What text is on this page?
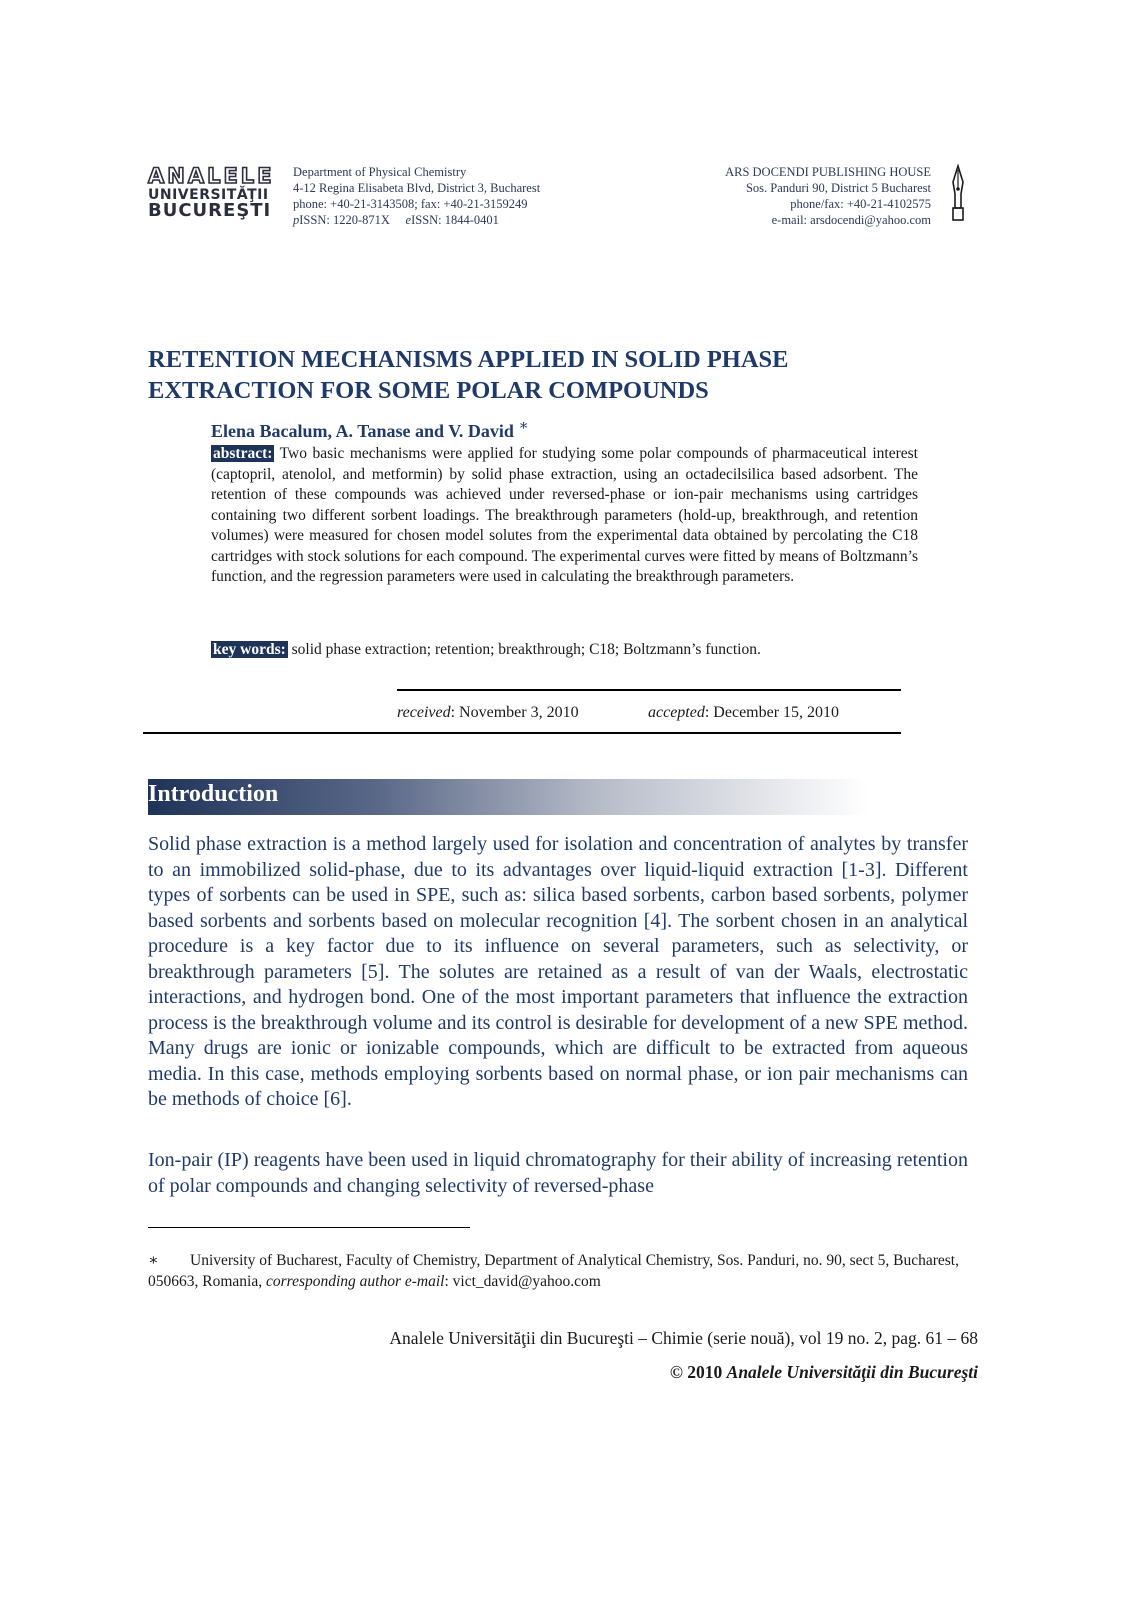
ANALELE
UNIVERSITĂŢII
BUCUREŞTI
Department of Physical Chemistry
4-12 Regina Elisabeta Blvd, District 3, Bucharest
phone: +40-21-3143508; fax: +40-21-3159249
pISSN: 1220-871X eISSN: 1844-0401
ARS DOCENDI PUBLISHING HOUSE
Sos. Panduri 90, District 5 Bucharest
phone/fax: +40-21-4102575
e-mail: arsdocendi@yahoo.com
RETENTION MECHANISMS APPLIED IN SOLID PHASE
EXTRACTION FOR SOME POLAR COMPOUNDS
Elena Bacalum, A. Tanase and V. David ∗
abstract: Two basic mechanisms were applied for studying some polar compounds of pharmaceutical interest (captopril, atenolol, and metformin) by solid phase extraction, using an octadecilsilica based adsorbent. The retention of these compounds was achieved under reversed-phase or ion-pair mechanisms using cartridges containing two different sorbent loadings. The breakthrough parameters (hold-up, breakthrough, and retention volumes) were measured for chosen model solutes from the experimental data obtained by percolating the C18 cartridges with stock solutions for each compound. The experimental curves were fitted by means of Boltzmann’s function, and the regression parameters were used in calculating the breakthrough parameters.
key words: solid phase extraction; retention; breakthrough; C18; Boltzmann’s function.
received: November 3, 2010	accepted: December 15, 2010
Introduction
Solid phase extraction is a method largely used for isolation and concentration of analytes by transfer to an immobilized solid-phase, due to its advantages over liquid-liquid extraction [1-3]. Different types of sorbents can be used in SPE, such as: silica based sorbents, carbon based sorbents, polymer based sorbents and sorbents based on molecular recognition [4]. The sorbent chosen in an analytical procedure is a key factor due to its influence on several parameters, such as selectivity, or breakthrough parameters [5]. The solutes are retained as a result of van der Waals, electrostatic interactions, and hydrogen bond. One of the most important parameters that influence the extraction process is the breakthrough volume and its control is desirable for development of a new SPE method. Many drugs are ionic or ionizable compounds, which are difficult to be extracted from aqueous media. In this case, methods employing sorbents based on normal phase, or ion pair mechanisms can be methods of choice [6].
Ion-pair (IP) reagents have been used in liquid chromatography for their ability of increasing retention of polar compounds and changing selectivity of reversed-phase
∗ University of Bucharest, Faculty of Chemistry, Department of Analytical Chemistry, Sos. Panduri, no. 90, sect 5, Bucharest, 050663, Romania, corresponding author e-mail: vict_david@yahoo.com
Analele Universităţii din Bucureşti – Chimie (serie nouă), vol 19 no. 2, pag. 61 – 68
© 2010 Analele Universităţii din Bucureşti
